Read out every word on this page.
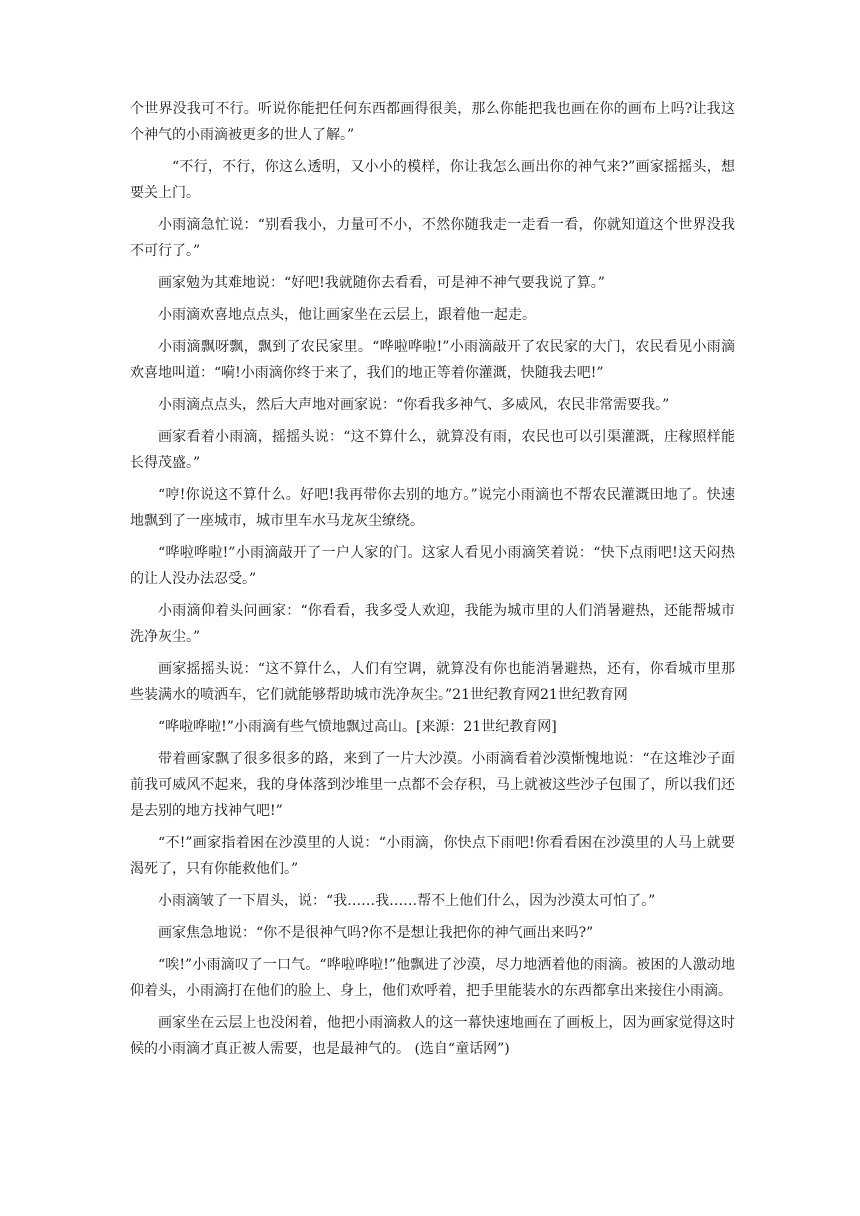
个世界没我可不行。听说你能把任何东西都画得很美，那么你能把我也画在你的画布上吗?让我这个神气的小雨滴被更多的世人了解。”

“不行，不行，你这么透明，又小小的模样，你让我怎么画出你的神气来?”画家摇摇头，想要关上门。

小雨滴急忙说：“别看我小，力量可不小，不然你随我走一走看一看，你就知道这个世界没我不可行了。”

画家勉为其难地说：“好吧!我就随你去看看，可是神不神气要我说了算。”

小雨滴欢喜地点点头，他让画家坐在云层上，跟着他一起走。

小雨滴飘呀飘，飘到了农民家里。“哗啦哗啦!”小雨滴敲开了农民家的大门，农民看见小雨滴欢喜地叫道：“嗬!小雨滴你终于来了，我们的地正等着你灌溉，快随我去吧!”

小雨滴点点头，然后大声地对画家说：“你看我多神气、多威风，农民非常需要我。”

画家看着小雨滴，摇摇头说：“这不算什么，就算没有雨，农民也可以引渠灌溉，庄稼照样能长得茂盛。”

“哼!你说这不算什么。好吧!我再带你去别的地方。”说完小雨滴也不帮农民灌溉田地了。快速地飘到了一座城市，城市里车水马龙灰尘缭绕。

“哗啦哗啦!”小雨滴敲开了一户人家的门。这家人看见小雨滴笑着说：“快下点雨吧!这天闷热的让人没办法忍受。”

小雨滴仰着头问画家：“你看看，我多受人欢迎，我能为城市里的人们消暑避热，还能帮城市洗净灰尘。”

画家摇摇头说：“这不算什么，人们有空调，就算没有你也能消暑避热，还有，你看城市里那些装满水的喷洒车，它们就能够帮助城市洗净灰尘。”21世纪教育网21世纪教育网

“哗啦哗啦!”小雨滴有些气愤地飘过高山。[来源：21世纪教育网]

带着画家飘了很多很多的路，来到了一片大沙漠。小雨滴看着沙漠惭愧地说：“在这堆沙子面前我可威风不起来，我的身体落到沙堆里一点都不会存积，马上就被这些沙子包围了，所以我们还是去别的地方找神气吧!”

“不!”画家指着困在沙漠里的人说：“小雨滴，你快点下雨吧!你看看困在沙漠里的人马上就要渴死了，只有你能救他们。”

小雨滴皱了一下眉头，说：“我……我……帮不上他们什么，因为沙漠太可怕了。”

画家焦急地说：“你不是很神气吗?你不是想让我把你的神气画出来吗?”

“唉!”小雨滴叹了一口气。“哗啦哗啦!”他飘进了沙漠，尽力地洒着他的雨滴。被困的人激动地仰着头，小雨滴打在他们的脸上、身上，他们欢呼着，把手里能装水的东西都拿出来接住小雨滴。

画家坐在云层上也没闲着，他把小雨滴救人的这一幕快速地画在了画板上，因为画家觉得这时候的小雨滴才真正被人需要，也是最神气的。 (选自“童话网”)
